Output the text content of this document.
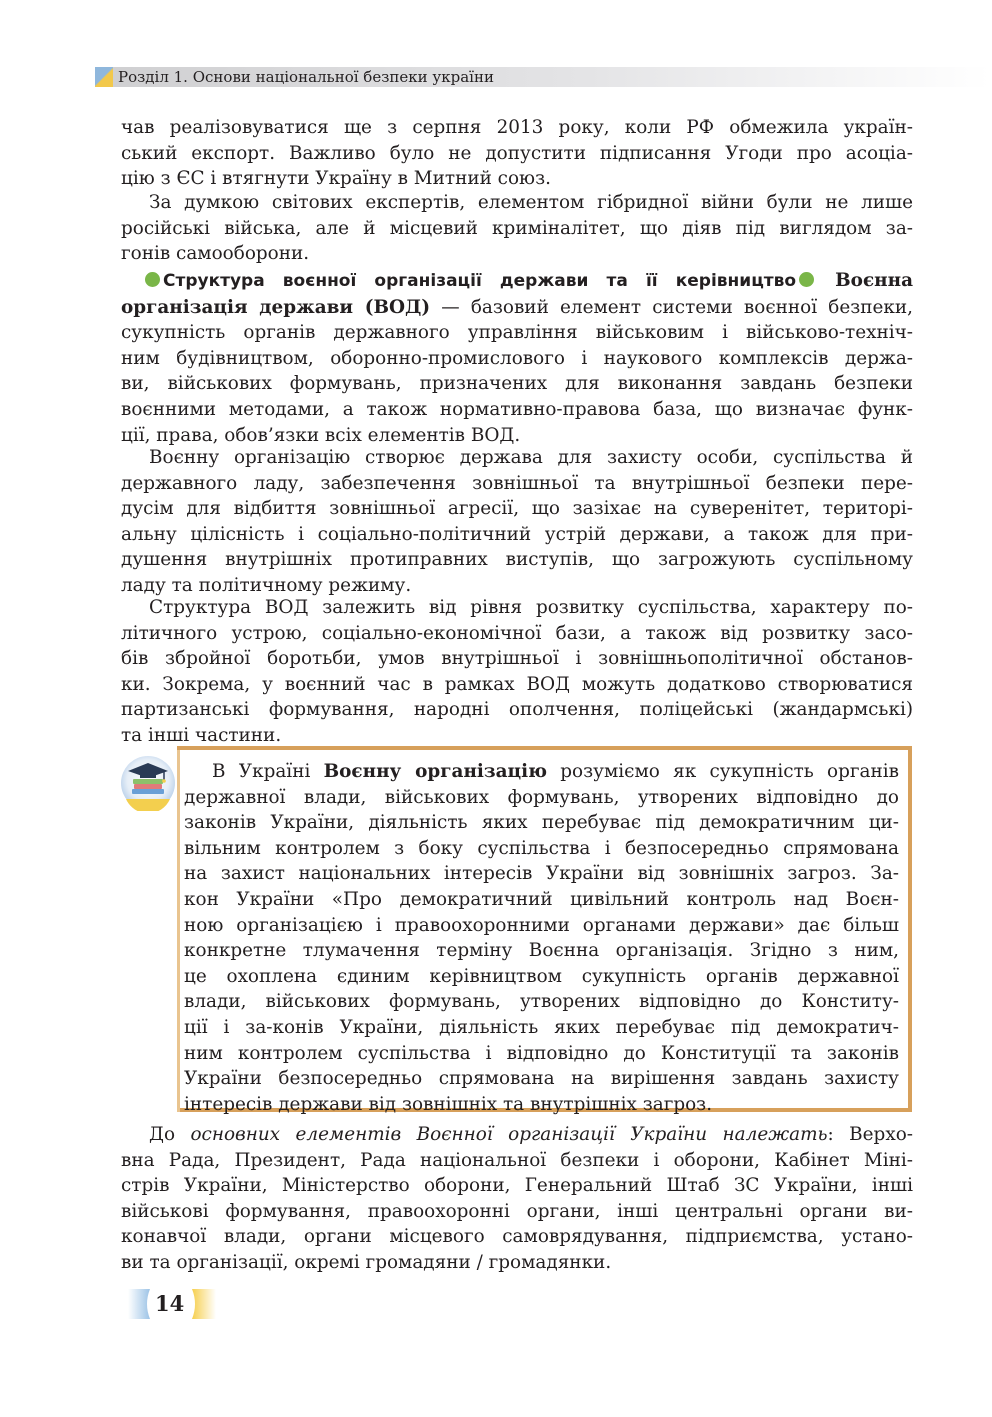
Розділ 1. Основи національної безпеки україни
чав реалізовуватися ще з серпня 2013 року, коли РФ обмежила україн-
ський експорт. Важливо було не допустити підписання Угоди про асоціа-
цію з ЄС і втягнути Україну в Митний союз.
За думкою світових експертів, елементом гібридної війни були не лише
російські війська, але й місцевий криміналітет, що діяв під виглядом за-
гонів самооборони.
Структура воєнної організації держави та її керівництво Воєнна
організація держави (ВОД) — базовий елемент системи воєнної безпеки,
сукупність органів державного управління військовим і військово-техніч-
ним будівництвом, оборонно-промислового і наукового комплексів держа-
ви, військових формувань, призначених для виконання завдань безпеки
воєнними методами, а також нормативно-правова база, що визначає функ-
ції, права, обов’язки всіх елементів ВОД.
Воєнну організацію створює держава для захисту особи, суспільства й
державного ладу, забезпечення зовнішньої та внутрішньої безпеки пере-
дусім для відбиття зовнішньої агресії, що зазіхає на суверенітет, територі-
альну цілісність і соціально-політичний устрій держави, а також для при-
душення внутрішніх протиправних виступів, що загрожують суспільному
ладу та політичному режиму.
Структура ВОД залежить від рівня розвитку суспільства, характеру по-
літичного устрою, соціально-економічної бази, а також від розвитку засо-
бів збройної боротьби, умов внутрішньої і зовнішньополітичної обстанов-
ки. Зокрема, у воєнний час в рамках ВОД можуть додатково створюватися
партизанські формування, народні ополчення, поліцейські (жандармські)
та інші частини.
В Україні Воєнну організацію розуміємо як сукупність органів
державної влади, військових формувань, утворених відповідно до
законів України, діяльність яких перебуває під демократичним ци-
вільним контролем з боку суспільства і безпосередньо спрямована
на захист національних інтересів України від зовнішніх загроз. За-
кон України «Про демократичний цивільний контроль над Воєн-
ною організацією і правоохоронними органами держави» дає більш
конкретне тлумачення терміну Воєнна організація. Згідно з ним,
це охоплена єдиним керівництвом сукупність органів державної
влади, військових формувань, утворених відповідно до Конститу-
ції і за-конів України, діяльність яких перебуває під демократич-
ним контролем суспільства і відповідно до Конституції та законів
України безпосередньо спрямована на вирішення завдань захисту
інтересів держави від зовнішніх та внутрішніх загроз.
До основних елементів Воєнної організації України належать: Верхо-
вна Рада, Президент, Рада національної безпеки і оборони, Кабінет Міні-
стрів України, Міністерство оборони, Генеральний Штаб ЗС України, інші
військові формування, правоохоронні органи, інші центральні органи ви-
конавчої влади, органи місцевого самоврядування, підприємства, устано-
ви та організації, окремі громадяни / громадянки.
14
